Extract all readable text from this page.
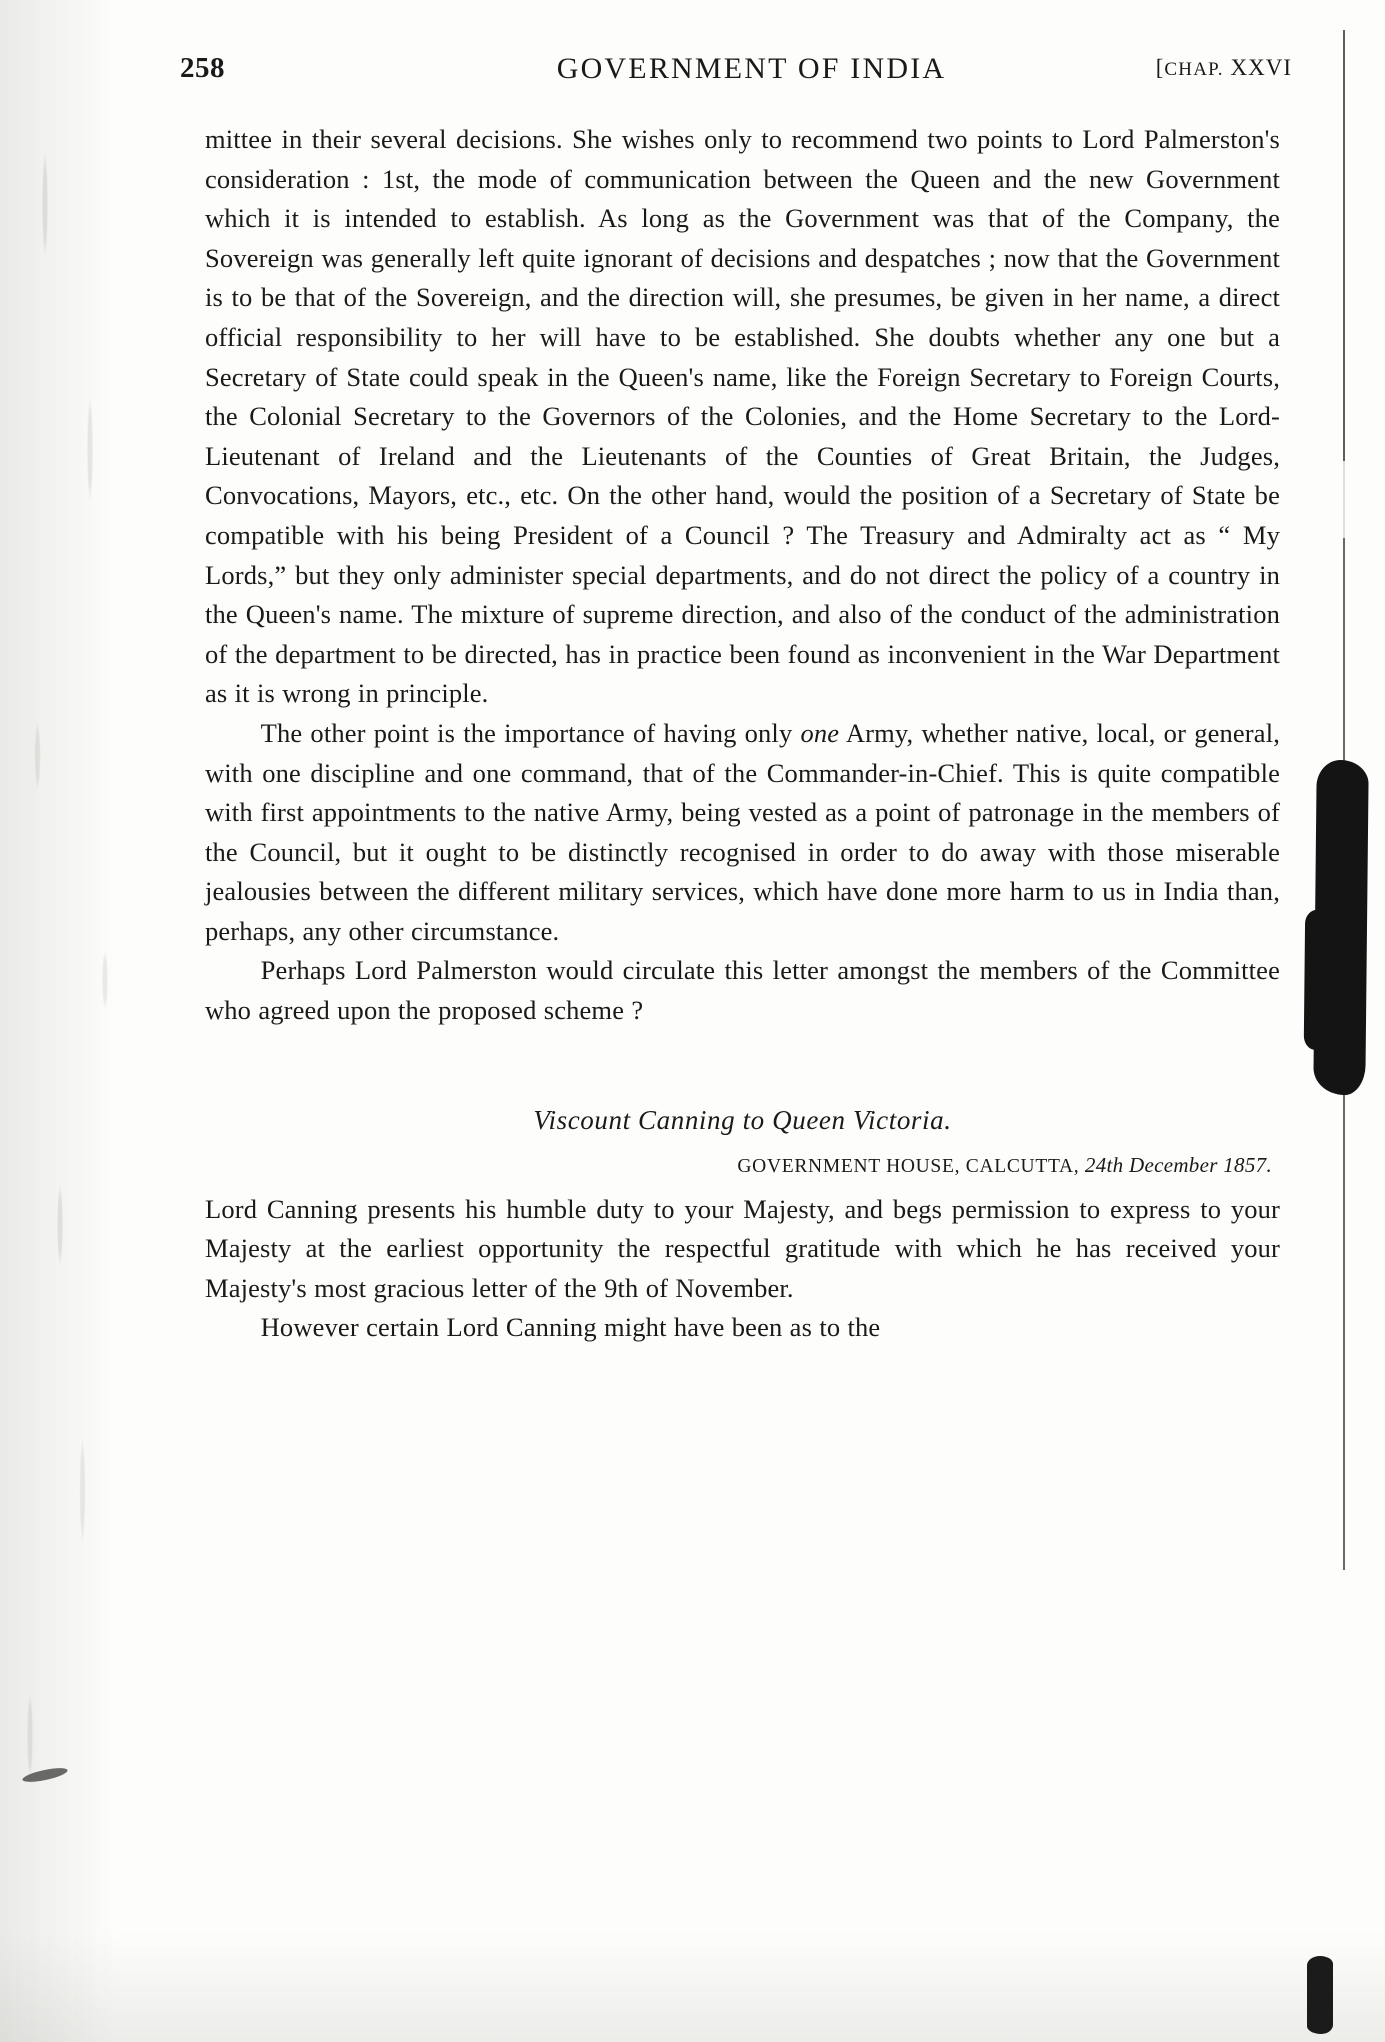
258	GOVERNMENT OF INDIA	[CHAP. XXVI

mittee in their several decisions. She wishes only to recommend two points to Lord Palmerston's consideration : 1st, the mode of communication between the Queen and the new Government which it is intended to establish. As long as the Government was that of the Company, the Sovereign was generally left quite ignorant of decisions and despatches ; now that the Government is to be that of the Sovereign, and the direction will, she presumes, be given in her name, a direct official responsibility to her will have to be established. She doubts whether any one but a Secretary of State could speak in the Queen's name, like the Foreign Secretary to Foreign Courts, the Colonial Secretary to the Governors of the Colonies, and the Home Secretary to the Lord-Lieutenant of Ireland and the Lieutenants of the Counties of Great Britain, the Judges, Convocations, Mayors, etc., etc. On the other hand, would the position of a Secretary of State be compatible with his being President of a Council ? The Treasury and Admiralty act as “ My Lords,” but they only administer special departments, and do not direct the policy of a country in the Queen's name. The mixture of supreme direction, and also of the conduct of the administration of the department to be directed, has in practice been found as inconvenient in the War Department as it is wrong in principle.

The other point is the importance of having only one Army, whether native, local, or general, with one discipline and one command, that of the Commander-in-Chief. This is quite compatible with first appointments to the native Army, being vested as a point of patronage in the members of the Council, but it ought to be distinctly recognised in order to do away with those miserable jealousies between the different military services, which have done more harm to us in India than, perhaps, any other circumstance.

Perhaps Lord Palmerston would circulate this letter amongst the members of the Committee who agreed upon the proposed scheme ?

Viscount Canning to Queen Victoria.
GOVERNMENT HOUSE, CALCUTTA, 24th December 1857.

Lord Canning presents his humble duty to your Majesty, and begs permission to express to your Majesty at the earliest opportunity the respectful gratitude with which he has received your Majesty's most gracious letter of the 9th of November.

However certain Lord Canning might have been as to the
